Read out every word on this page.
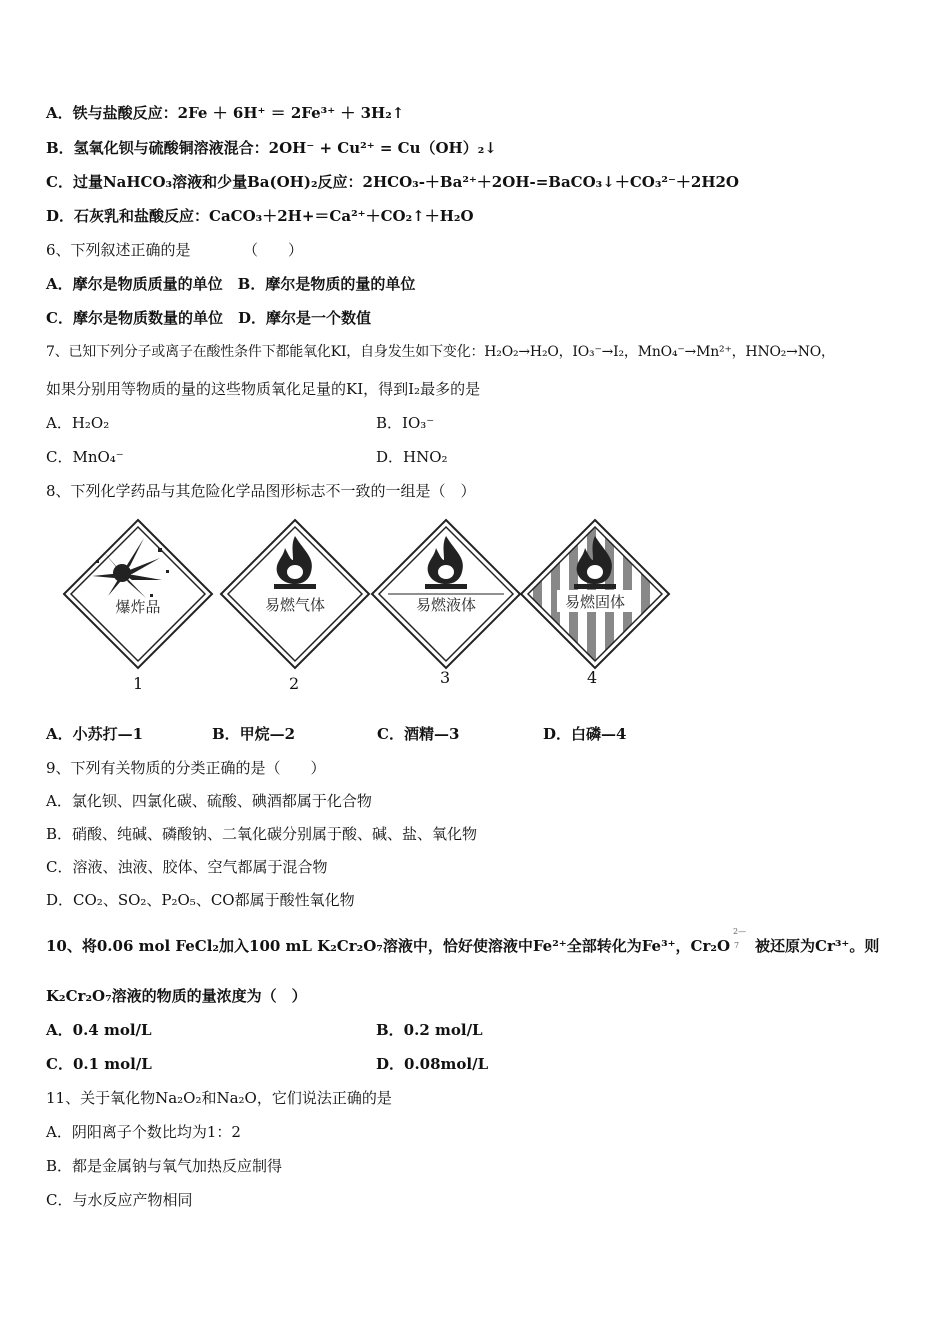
A．铁与盐酸反应：2Fe ＋ 6H⁺ ＝ 2Fe³⁺ ＋ 3H₂↑
B．氢氧化钡与硫酸铜溶液混合：2OH⁻ + Cu²⁺ = Cu（OH）₂↓
C．过量NaHCO₃溶液和少量Ba(OH)₂反应：2HCO₃-＋Ba²⁺＋2OH-=BaCO₃↓＋CO₃²⁻＋2H2O
D．石灰乳和盐酸反应：CaCO₃＋2H+＝Ca²⁺＋CO₂↑＋H₂O
6、下列叙述正确的是　　　　（　　）
A．摩尔是物质质量的单位　B．摩尔是物质的量的单位
C．摩尔是物质数量的单位　D．摩尔是一个数值
7、已知下列分子或离子在酸性条件下都能氧化KI，自身发生如下变化：H₂O₂→H₂O，IO₃⁻→I₂，MnO₄⁻→Mn²⁺，HNO₂→NO，
如果分别用等物质的量的这些物质氧化足量的KI，得到I₂最多的是
A．H₂O₂	B．IO₃⁻
C．MnO₄⁻	D．HNO₂
8、下列化学药品与其危险化学品图形标志不一致的一组是（　）
爆炸品	易燃气体	易燃液体	易燃固体
1	2	3	4
A．小苏打—1	B．甲烷—2	C．酒精—3	D．白磷—4
9、下列有关物质的分类正确的是（　　）
A．氯化钡、四氯化碳、硫酸、碘酒都属于化合物
B．硝酸、纯碱、磷酸钠、二氧化碳分别属于酸、碱、盐、氧化物
C．溶液、浊液、胶体、空气都属于混合物
D．CO₂、SO₂、P₂O₅、CO都属于酸性氧化物
10、将0.06 mol FeCl₂加入100 mL K₂Cr₂O₇溶液中，恰好使溶液中Fe²⁺全部转化为Fe³⁺，Cr₂O
2—
7 被还原为Cr³⁺。则
K₂Cr₂O₇溶液的物质的量浓度为（　）
A．0.4 mol/L	B．0.2 mol/L
C．0.1 mol/L	D．0.08mol/L
11、关于氧化物Na₂O₂和Na₂O，它们说法正确的是
A．阴阳离子个数比均为1：2
B．都是金属钠与氧气加热反应制得
C．与水反应产物相同
